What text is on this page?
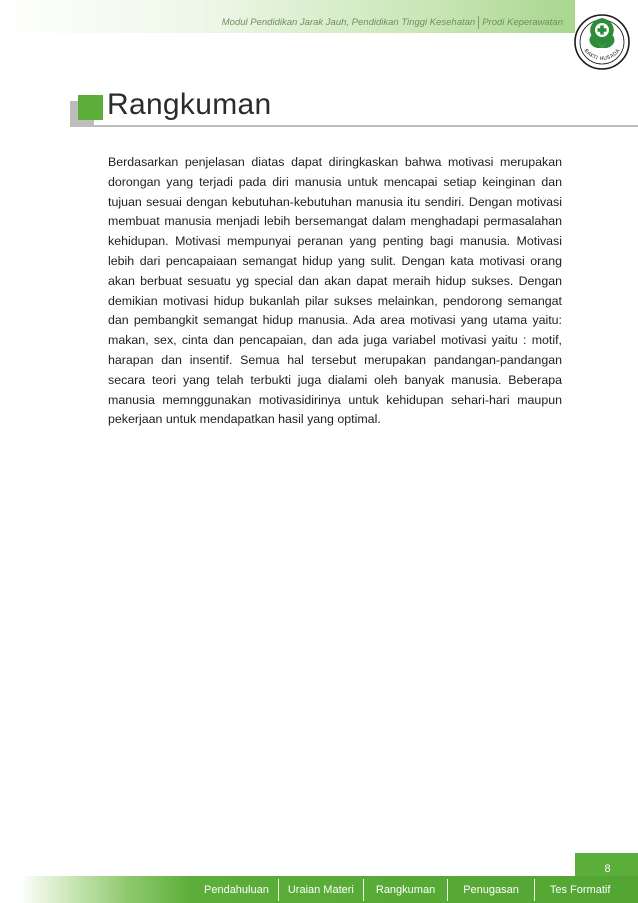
Modul Pendidikan Jarak Jauh, Pendidikan Tinggi Kesehatan Prodi Keperawatan
BAKTI HUSADA
Rangkuman
Berdasarkan penjelasan diatas dapat diringkaskan bahwa motivasi merupakan dorongan yang terjadi pada diri manusia untuk mencapai setiap keinginan dan tujuan sesuai dengan kebutuhan-kebutuhan manusia itu sendiri. Dengan motivasi membuat manusia menjadi lebih bersemangat dalam menghadapi permasalahan kehidupan. Motivasi mempunyai peranan yang penting bagi manusia. Motivasi lebih dari pencapaiaan semangat hidup yang sulit. Dengan kata motivasi orang akan berbuat sesuatu yg special dan akan dapat meraih hidup sukses. Dengan demikian motivasi hidup bukanlah pilar sukses melainkan, pendorong semangat dan pembangkit semangat hidup manusia. Ada area motivasi yang utama yaitu: makan, sex, cinta dan pencapaian, dan ada juga variabel motivasi yaitu : motif, harapan dan insentif. Semua hal tersebut merupakan pandangan-pandangan secara teori yang telah terbukti juga dialami oleh banyak manusia. Beberapa manusia memnggunakan motivasidirinya untuk kehidupan sehari-hari maupun pekerjaan untuk mendapatkan hasil yang optimal.
8
Pendahuluan	Uraian Materi	Rangkuman	Penugasan	Tes Formatif
